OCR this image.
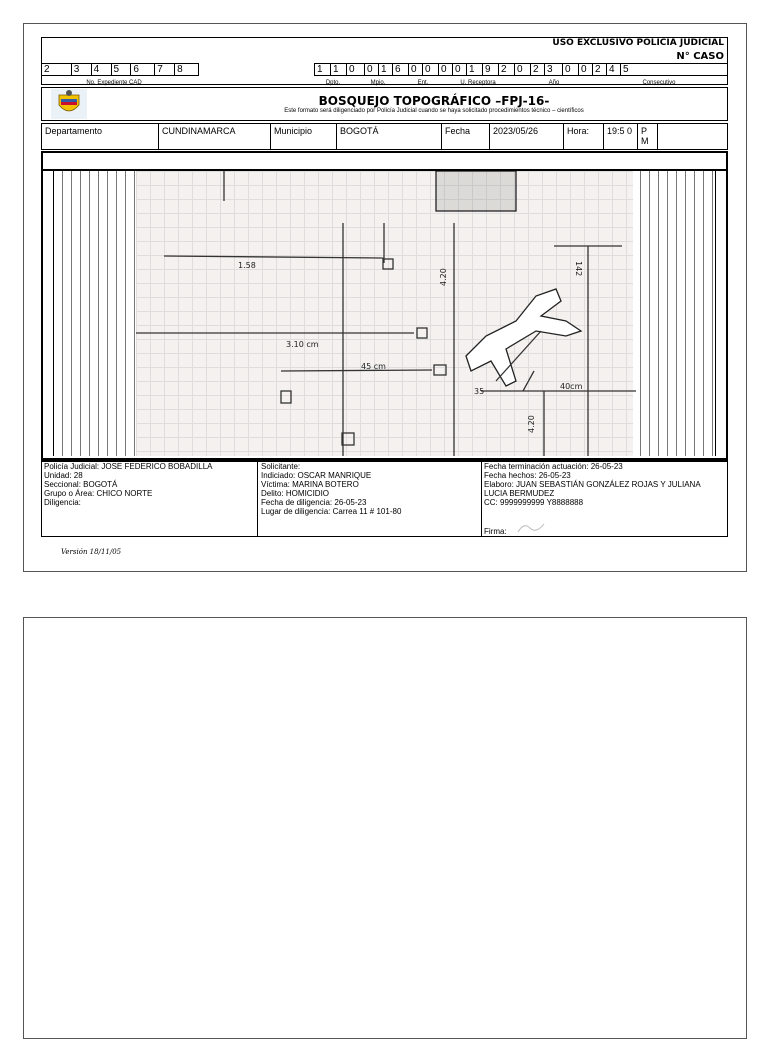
USO EXCLUSIVO POLICIA JUDICIAL
N° CASO
2	3	4	5	6	7	8
No. Expediente CAD
1	1	0	0 1 6	0 0	0 0 1	9	2	0	2 3	0	0 2 4 5
Dpto.	Mpio.	Ent.	U. Receptora	Año	Consecutivo
BOSQUEJO TOPOGRÁFICO –FPJ-16-
Este formato será diligenciado por Policía Judicial cuando se haya solicitado procedimientos técnico – científicos
Departamento	CUNDINAMARCA	Municipio	BOGOTÁ	Fecha	2023/05/26	Hora:	19:5 0 P M
1.58
3.10 cm
45 cm
35
40cm
142
4.20
4.20
Policía Judicial: JOSE FEDERICO BOBADILLA
Unidad: 28
Seccional: BOGOTÁ
Grupo o Área: CHICO NORTE
Diligencia:
Solicitante:
Indiciado: OSCAR MANRIQUE
Víctima: MARINA BOTERO
Delito: HOMICIDIO
Fecha de diligencia: 26-05-23
Lugar de diligencia: Carrea 11 # 101-80
Fecha terminación actuación: 26-05-23
Fecha hechos: 26-05-23
Elaboro: JUAN SEBASTIÁN GONZÁLEZ ROJAS Y JULIANA LUCIA BERMUDEZ
CC: 9999999999 Y8888888
Firma:
Versión 18/11/05
